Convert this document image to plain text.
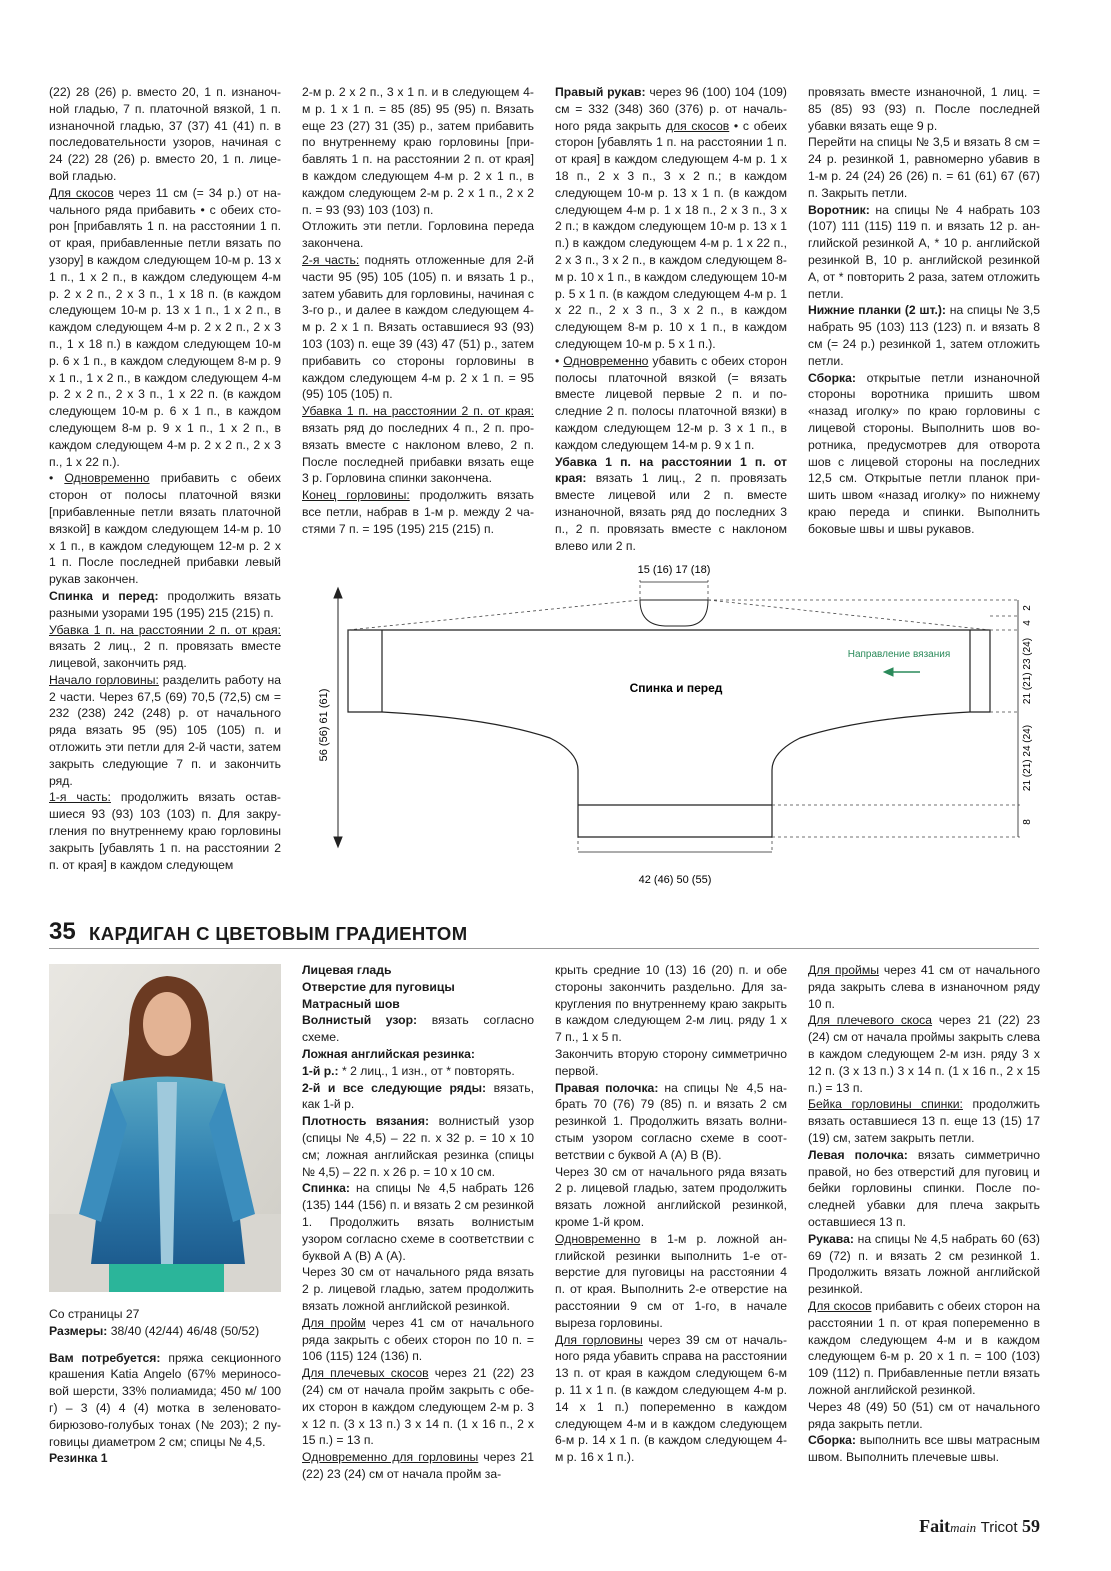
(22) 28 (26) р. вместо 20, 1 п. изнаночной гладью, 7 п. платочной вязкой, 1 п. изнаночной гладью, 37 (37) 41 (41) п. в последовательности узоров, начиная с 24 (22) 28 (26) р. вместо 20, 1 п. лицевой гладью.

Для скосов через 11 см (= 34 р.) от начального ряда прибавить • с обеих сторон [прибавлять 1 п. на расстоянии 1 п. от края, прибавленные петли вязать по узору] в каждом следующем 10-м р. 13 x 1 п., 1 x 2 п., в каждом следующем 4-м р. 2 x 2 п., 2 x 3 п., 1 x 18 п. (в каждом следующем 10-м р. 13 x 1 п., 1 x 2 п., в каждом следующем 4-м р. 2 x 2 п., 2 x 3 п., 1 x 18 п.) в каждом следующем 10-м р. 6 x 1 п., в каждом следующем 8-м р. 9 x 1 п., 1 x 2 п., в каждом следующем 4-м р. 2 x 2 п., 2 x 3 п., 1 x 22 п. (в каждом следующем 10-м р. 6 x 1 п., в каждом следующем 8-м р. 9 x 1 п., 1 x 2 п., в каждом следующем 4-м р. 2 x 2 п., 2 x 3 п., 1 x 22 п.).

• Одновременно прибавить с обеих сторон от полосы платочной вязки [прибавленные петли вязать платочной вязкой] в каждом следующем 14-м р. 10 x 1 п., в каждом следующем 12-м р. 2 x 1 п. После последней прибавки левый рукав закончен.

Спинка и перед: продолжить вязать разными узорами 195 (195) 215 (215) п.

Убавка 1 п. на расстоянии 2 п. от края: вязать 2 лиц., 2 п. провязать вместе лицевой, закончить ряд.

Начало горловины: разделить работу на 2 части. Через 67,5 (69) 70,5 (72,5) см = 232 (238) 242 (248) р. от начального ряда вязать 95 (95) 105 (105) п. и отложить эти петли для 2-й части, затем закрыть следующие 7 п. и закончить ряд.

1-я часть: продолжить вязать оставшиеся 93 (93) 103 (103) п. Для закругления по внутреннему краю горловины закрыть [убавлять 1 п. на расстоянии 2 п. от края] в каждом следующем

2-м р. 2 x 2 п., 3 x 1 п. и в следующем 4-м р. 1 x 1 п. = 85 (85) 95 (95) п. Вязать еще 23 (27) 31 (35) р., затем прибавить по внутреннему краю горловины [прибавлять 1 п. на расстоянии 2 п. от края] в каждом следующем 4-м р. 2 x 1 п., в каждом следующем 2-м р. 2 x 1 п., 2 x 2 п. = 93 (93) 103 (103) п.

Отложить эти петли. Горловина переда закончена.

2-я часть: поднять отложенные для 2-й части 95 (95) 105 (105) п. и вязать 1 р., затем убавить для горловины, начиная с 3-го р., и далее в каждом следующем 4-м р. 2 x 1 п. Вязать оставшиеся 93 (93) 103 (103) п. еще 39 (43) 47 (51) р., затем прибавить со стороны горловины в каждом следующем 4-м р. 2 x 1 п. = 95 (95) 105 (105) п.

Убавка 1 п. на расстоянии 2 п. от края: вязать ряд до последних 4 п., 2 п. провязать вместе с наклоном влево, 2 п. После последней прибавки вязать еще 3 р. Горловина спинки закончена.

Конец горловины: продолжить вязать все петли, набрав в 1-м р. между 2 частями 7 п. = 195 (195) 215 (215) п.

Правый рукав: через 96 (100) 104 (109) см = 332 (348) 360 (376) р. от начального ряда закрыть для скосов • с обеих сторон [убавлять 1 п. на расстоянии 1 п. от края] в каждом следующем 4-м р. 1 x 18 п., 2 x 3 п., 3 x 2 п.; в каждом следующем 10-м р. 13 x 1 п. (в каждом следующем 4-м р. 1 x 18 п., 2 x 3 п., 3 x 2 п.; в каждом следующем 10-м р. 13 x 1 п.) в каждом следующем 4-м р. 1 x 22 п., 2 x 3 п., 3 x 2 п., в каждом следующем 8-м р. 10 x 1 п., в каждом следующем 10-м р. 5 x 1 п. (в каждом следующем 4-м р. 1 x 22 п., 2 x 3 п., 3 x 2 п., в каждом следующем 8-м р. 10 x 1 п., в каждом следующем 10-м р. 5 x 1 п.).

• Одновременно убавить с обеих сторон полосы платочной вязкой (= вязать вместе лицевой первые 2 п. и последние 2 п. полосы платочной вязки) в каждом следующем 12-м р. 3 x 1 п., в каждом следующем 14-м р. 9 x 1 п.

Убавка 1 п. на расстоянии 1 п. от края: вязать 1 лиц., 2 п. провязать вместе лицевой или 2 п. вместе изнаночной, вязать ряд до последних 3 п., 2 п. провязать вместе с наклоном влево или 2 п.

провязать вместе изнаночной, 1 лиц. = 85 (85) 93 (93) п. После последней убавки вязать еще 9 р.

Перейти на спицы № 3,5 и вязать 8 см = 24 р. резинкой 1, равномерно убавив в 1-м р. 24 (24) 26 (26) п. = 61 (61) 67 (67) п. Закрыть петли.

Воротник: на спицы № 4 набрать 103 (107) 111 (115) 119 п. и вязать 12 р. английской резинкой А, * 10 р. английской резинкой В, 10 р. английской резинкой А, от * повторить 2 раза, затем отложить петли.

Нижние планки (2 шт.): на спицы № 3,5 набрать 95 (103) 113 (123) п. и вязать 8 см (= 24 р.) резинкой 1, затем отложить петли.

Сборка: открытые петли изнаночной стороны воротника пришить швом «назад иголку» по краю горловины с лицевой стороны. Выполнить шов воротника, предусмотрев для отворота шов с лицевой стороны на последних 12,5 см. Открытые петли планок пришить швом «назад иголку» по нижнему краю переда и спинки. Выполнить боковые швы и швы рукавов.

15 (16) 17 (18)
Спинка и перед
Направление вязания
42 (46) 50 (55)
56 (56) 61 (61)
2
4
21 (21) 23 (24)
21 (21) 24 (24)
8
35 КАРДИГАН С ЦВЕТОВЫМ ГРАДИЕНТОМ

Со страницы 27

Размеры: 38/40 (42/44) 46/48 (50/52)

Вам потребуется: пряжа секционного крашения Katia Angelo (67% мериносовой шерсти, 33% полиамида; 450 м/ 100 г) – 3 (4) 4 (4) мотка в зеленовато-бирюзово-голубых тонах (№ 203); 2 пуговицы диаметром 2 см; спицы № 4,5.

Резинка 1

Лицевая гладь

Отверстие для пуговицы

Матрасный шов

Волнистый узор: вязать согласно схеме.

Ложная английская резинка:

1-й р.: * 2 лиц., 1 изн., от * повторять.

2-й и все следующие ряды: вязать, как 1-й р.

Плотность вязания: волнистый узор (спицы № 4,5) – 22 п. x 32 р. = 10 x 10 см; ложная английская резинка (спицы № 4,5) – 22 п. x 26 р. = 10 x 10 см.

Спинка: на спицы № 4,5 набрать 126 (135) 144 (156) п. и вязать 2 см резинкой 1. Продолжить вязать волнистым узором согласно схеме в соответствии с буквой А (В) А (А).

Через 30 см от начального ряда вязать 2 р. лицевой гладью, затем продолжить вязать ложной английской резинкой.

Для пройм через 41 см от начального ряда закрыть с обеих сторон по 10 п. = 106 (115) 124 (136) п.

Для плечевых скосов через 21 (22) 23 (24) см от начала пройм закрыть с обеих сторон в каждом следующем 2-м р. 3 x 12 п. (3 x 13 п.) 3 x 14 п. (1 x 16 п., 2 x 15 п.) = 13 п.

Одновременно для горловины через 21 (22) 23 (24) см от начала пройм за-

крыть средние 10 (13) 16 (20) п. и обе стороны закончить раздельно. Для закругления по внутреннему краю закрыть в каждом следующем 2-м лиц. ряду 1 x 7 п., 1 x 5 п.

Закончить вторую сторону симметрично первой.

Правая полочка: на спицы № 4,5 набрать 70 (76) 79 (85) п. и вязать 2 см резинкой 1. Продолжить вязать волнистым узором согласно схеме в соответствии с буквой А (А) В (В).

Через 30 см от начального ряда вязать 2 р. лицевой гладью, затем продолжить вязать ложной английской резинкой, кроме 1-й кром.

Одновременно в 1-м р. ложной английской резинки выполнить 1-е отверстие для пуговицы на расстоянии 4 п. от края. Выполнить 2-е отверстие на расстоянии 9 см от 1-го, в начале выреза горловины.

Для горловины через 39 см от начального ряда убавить справа на расстоянии 13 п. от края в каждом следующем 6-м р. 11 x 1 п. (в каждом следующем 4-м р. 14 x 1 п.) попеременно в каждом следующем 4-м и в каждом следующем 6-м р. 14 x 1 п. (в каждом следующем 4-м р. 16 x 1 п.).

Для проймы через 41 см от начального ряда закрыть слева в изнаночном ряду 10 п.

Для плечевого скоса через 21 (22) 23 (24) см от начала проймы закрыть слева в каждом следующем 2-м изн. ряду 3 x 12 п. (3 x 13 п.) 3 x 14 п. (1 x 16 п., 2 x 15 п.) = 13 п.

Бейка горловины спинки: продолжить вязать оставшиеся 13 п. еще 13 (15) 17 (19) см, затем закрыть петли.

Левая полочка: вязать симметрично правой, но без отверстий для пуговиц и бейки горловины спинки. После последней убавки для плеча закрыть оставшиеся 13 п.

Рукава: на спицы № 4,5 набрать 60 (63) 69 (72) п. и вязать 2 см резинкой 1. Продолжить вязать ложной английской резинкой.

Для скосов прибавить с обеих сторон на расстоянии 1 п. от края попеременно в каждом следующем 4-м и в каждом следующем 6-м р. 20 x 1 п. = 100 (103) 109 (112) п. Прибавленные петли вязать ложной английской резинкой.

Через 48 (49) 50 (51) см от начального ряда закрыть петли.

Сборка: выполнить все швы матрасным швом. Выполнить плечевые швы.

Faitmain Tricot 59
